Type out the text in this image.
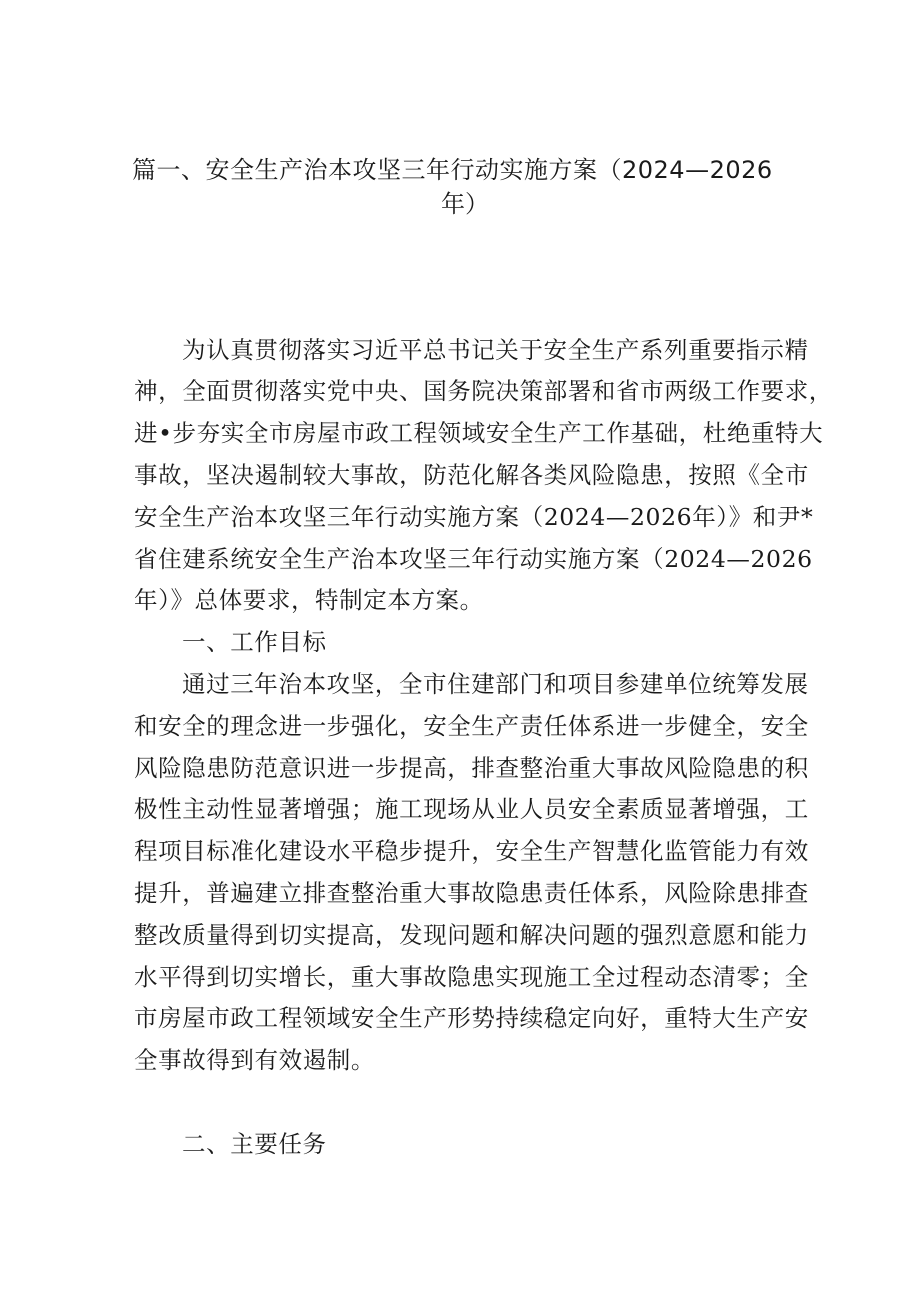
篇一、安全生产治本攻坚三年行动实施方案（2024—2026
年）
为认真贯彻落实习近平总书记关于安全生产系列重要指示精
神，全面贯彻落实党中央、国务院决策部署和省市两级工作要求，
进•步夯实全市房屋市政工程领域安全生产工作基础，杜绝重特大
事故，坚决遏制较大事故，防范化解各类风险隐患，按照《全市
安全生产治本攻坚三年行动实施方案（2024—2026年）》和尹*
省住建系统安全生产治本攻坚三年行动实施方案（2024—2026
年）》总体要求，特制定本方案。
一、工作目标
通过三年治本攻坚，全市住建部门和项目参建单位统筹发展
和安全的理念进一步强化，安全生产责任体系进一步健全，安全
风险隐患防范意识进一步提高，排查整治重大事故风险隐患的积
极性主动性显著增强；施工现场从业人员安全素质显著增强，工
程项目标准化建设水平稳步提升，安全生产智慧化监管能力有效
提升，普遍建立排查整治重大事故隐患责任体系，风险除患排查
整改质量得到切实提高，发现问题和解决问题的强烈意愿和能力
水平得到切实增长，重大事故隐患实现施工全过程动态清零；全
市房屋市政工程领域安全生产形势持续稳定向好，重特大生产安
全事故得到有效遏制。
二、主要任务
